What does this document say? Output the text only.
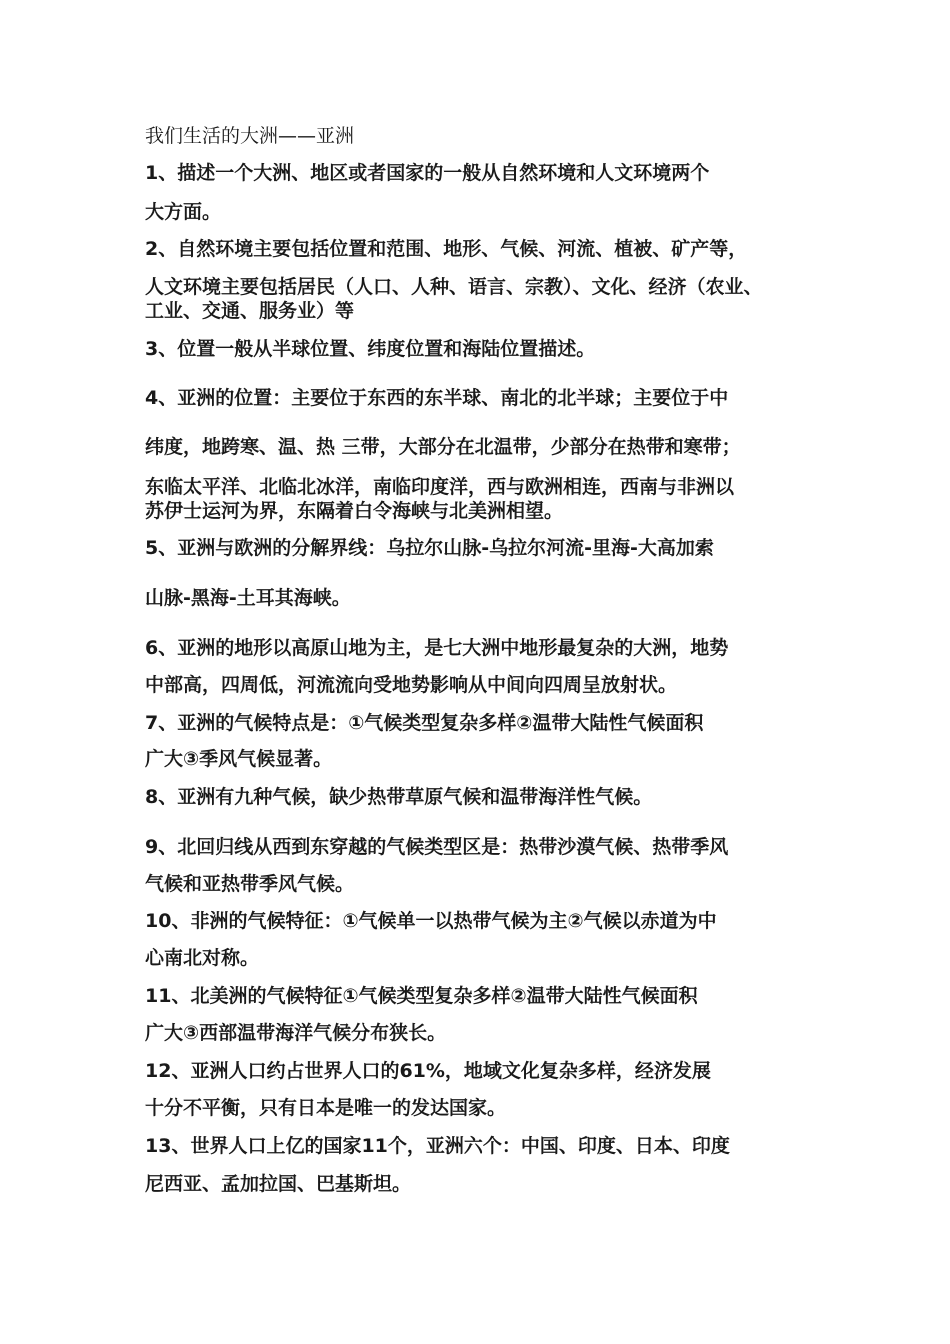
我们生活的大洲——亚洲
1、描述一个大洲、地区或者国家的一般从自然环境和人文环境两个
大方面。
2、自然环境主要包括位置和范围、地形、气候、河流、植被、矿产等，
人文环境主要包括居民（人口、人种、语言、宗教）、文化、经济（农业、
工业、交通、服务业）等
3、位置一般从半球位置、纬度位置和海陆位置描述。
4、亚洲的位置：主要位于东西的东半球、南北的北半球；主要位于中
纬度，地跨寒、温、热 三带，大部分在北温带，少部分在热带和寒带；
东临太平洋、北临北冰洋，南临印度洋，西与欧洲相连，西南与非洲以
苏伊士运河为界，东隔着白令海峡与北美洲相望。
5、亚洲与欧洲的分解界线：乌拉尔山脉-乌拉尔河流-里海-大高加索
山脉-黑海-土耳其海峡。
6、亚洲的地形以高原山地为主，是七大洲中地形最复杂的大洲，地势
中部高，四周低，河流流向受地势影响从中间向四周呈放射状。
7、亚洲的气候特点是：①气候类型复杂多样②温带大陆性气候面积
广大③季风气候显著。
8、亚洲有九种气候，缺少热带草原气候和温带海洋性气候。
9、北回归线从西到东穿越的气候类型区是：热带沙漠气候、热带季风
气候和亚热带季风气候。
10、非洲的气候特征：①气候单一以热带气候为主②气候以赤道为中
心南北对称。
11、北美洲的气候特征①气候类型复杂多样②温带大陆性气候面积
广大③西部温带海洋气候分布狭长。
12、亚洲人口约占世界人口的61%，地域文化复杂多样，经济发展
十分不平衡，只有日本是唯一的发达国家。
13、世界人口上亿的国家11个，亚洲六个：中国、印度、日本、印度
尼西亚、孟加拉国、巴基斯坦。
